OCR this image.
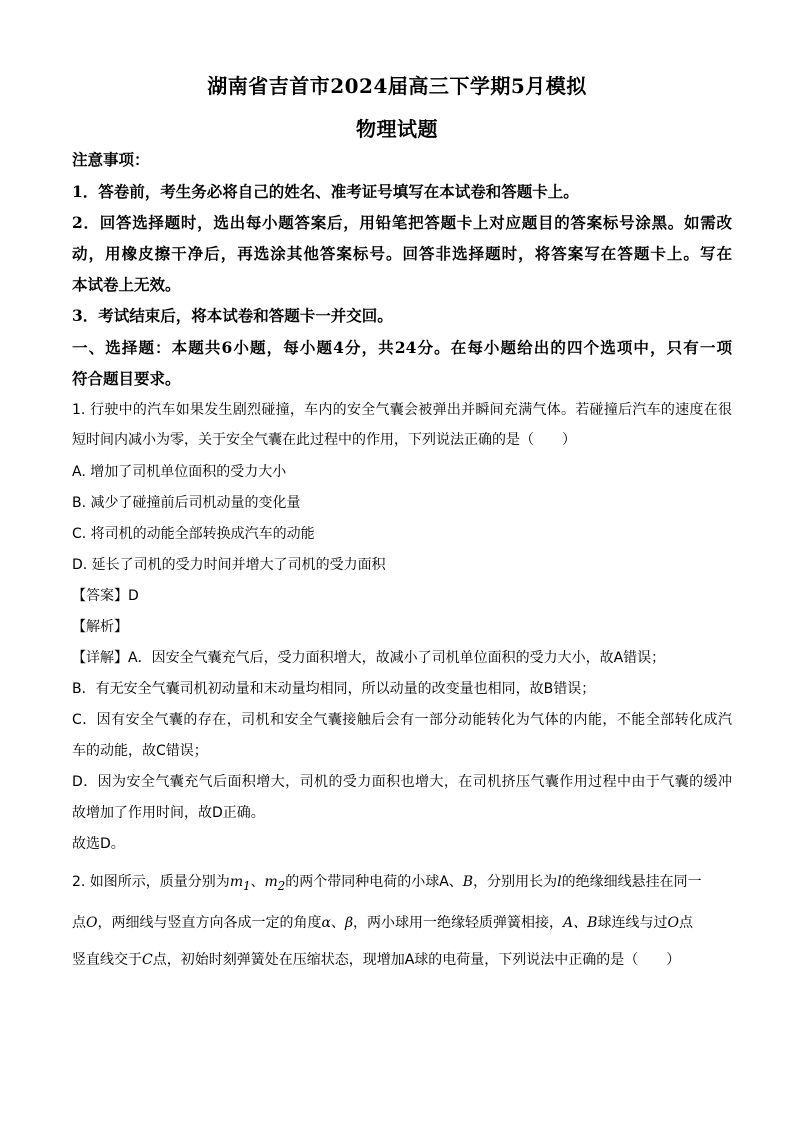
湖南省吉首市2024届高三下学期5月模拟
物理试题
注意事项：
1．答卷前，考生务必将自己的姓名、准考证号填写在本试卷和答题卡上。
2．回答选择题时，选出每小题答案后，用铅笔把答题卡上对应题目的答案标号涂黑。如需改
动，用橡皮擦干净后，再选涂其他答案标号。回答非选择题时，将答案写在答题卡上。写在
本试卷上无效。
3．考试结束后，将本试卷和答题卡一并交回。
一、选择题：本题共6小题，每小题4分，共24分。在每小题给出的四个选项中，只有一项
符合题目要求。
1. 行驶中的汽车如果发生剧烈碰撞，车内的安全气囊会被弹出并瞬间充满气体。若碰撞后汽车的速度在很
短时间内减小为零，关于安全气囊在此过程中的作用，下列说法正确的是（　　）
A. 增加了司机单位面积的受力大小
B. 减少了碰撞前后司机动量的变化量
C. 将司机的动能全部转换成汽车的动能
D. 延长了司机的受力时间并增大了司机的受力面积
【答案】D
【解析】
【详解】A．因安全气囊充气后，受力面积增大，故减小了司机单位面积的受力大小，故A错误；
B．有无安全气囊司机初动量和末动量均相同，所以动量的改变量也相同，故B错误；
C．因有安全气囊的存在，司机和安全气囊接触后会有一部分动能转化为气体的内能，不能全部转化成汽
车的动能，故C错误；
D．因为安全气囊充气后面积增大，司机的受力面积也增大，在司机挤压气囊作用过程中由于气囊的缓冲
故增加了作用时间，故D正确。
故选D。
2. 如图所示，质量分别为$m_1$、$m_2$的两个带同种电荷的小球A、B，分别用长为l的绝缘细线悬挂在同一
点O，两细线与竖直方向各成一定的角度α、β，两小球用一绝缘轻质弹簧相接，A、B球连线与过O点
竖直线交于C点，初始时刻弹簧处在压缩状态，现增加A球的电荷量，下列说法中正确的是（　　）
